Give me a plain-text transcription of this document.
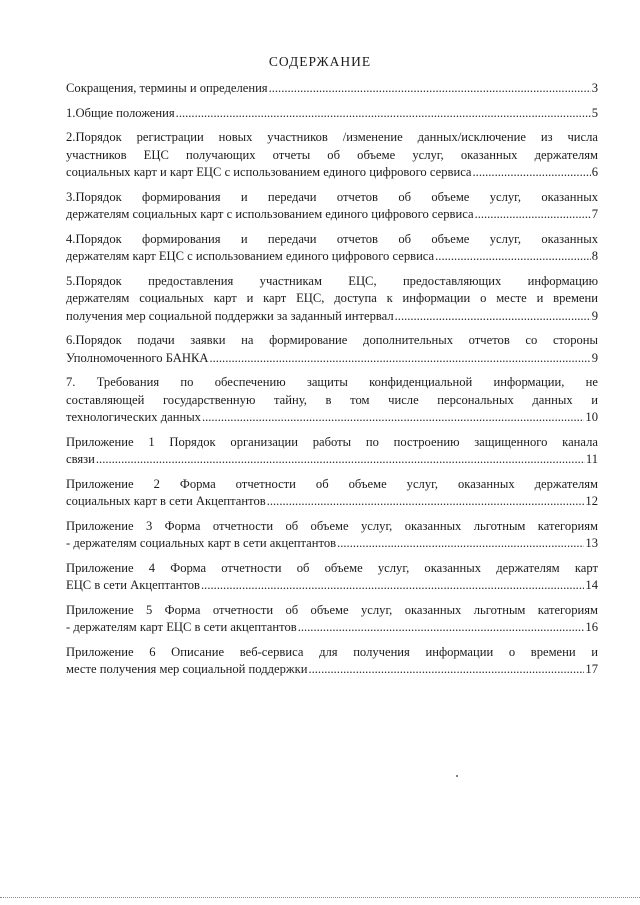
СОДЕРЖАНИЕ
Сокращения, термины и определения .....	3
1.Общие положения .....	5
2.Порядок регистрации новых участников /изменение данных/исключение из числа
участников ЕЦС получающих отчеты об объеме услуг, оказанных держателям
социальных карт и карт ЕЦС с использованием единого цифрового сервиса .....	6
3.Порядок формирования и передачи отчетов об объеме услуг, оказанных
держателям социальных карт с использованием единого цифрового сервиса .....	7
4.Порядок формирования и передачи отчетов об объеме услуг, оказанных
держателям карт ЕЦС с использованием единого цифрового сервиса .....	8
5.Порядок предоставления участникам ЕЦС, предоставляющих информацию
держателям социальных карт и карт ЕЦС, доступа к информации о месте и времени
получения мер социальной поддержки за заданный интервал .....	9
6.Порядок подачи заявки на формирование дополнительных отчетов со стороны
Уполномоченного БАНКА .....	9
7. Требования по обеспечению защиты конфиденциальной информации, не
составляющей государственную тайну, в том числе персональных данных и
технологических данных .....	10
Приложение 1 Порядок организации работы по построению защищенного канала
связи .....	11
Приложение 2 Форма отчетности об объеме услуг, оказанных держателям
социальных карт в сети Акцептантов .....	12
Приложение 3 Форма отчетности об объеме услуг, оказанных льготным категориям
- держателям социальных карт в сети акцептантов .....	13
Приложение 4 Форма отчетности об объеме услуг, оказанных держателям карт
ЕЦС в сети Акцептантов .....	14
Приложение 5 Форма отчетности об объеме услуг, оказанных льготным категориям
- держателям карт ЕЦС в сети акцептантов .....	16
Приложение 6 Описание веб-сервиса для получения информации о времени и
месте получения мер социальной поддержки .....	17
